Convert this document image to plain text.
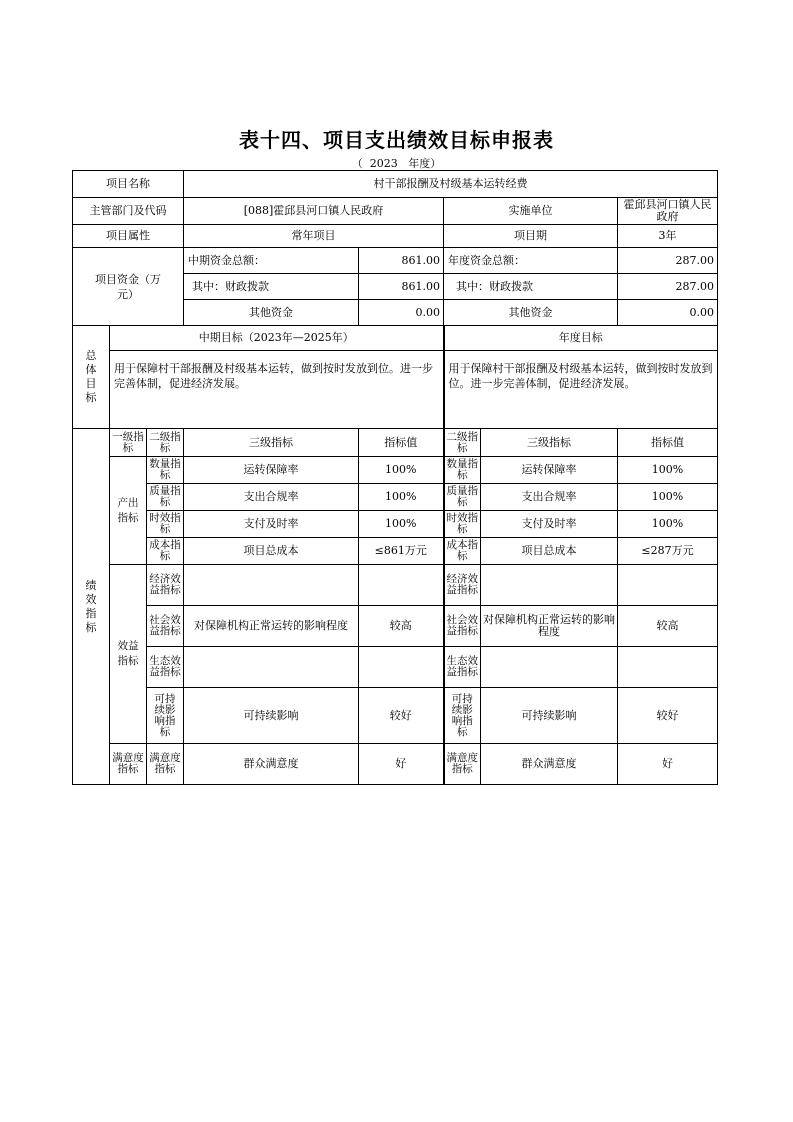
表十四、项目支出绩效目标申报表
（ 2023 年度）
项目名称			村干部报酬及村级基本运转经费				
主管部门及代码			[088]霍邱县河口镇人民政府		实施单位		霍邱县河口镇人民政府
项目属性			常年项目		项目期		3年
项目资金（万元）			中期资金总额：	861.00	年度资金总额：		287.00
			其中：财政拨款	861.00	其中：财政拨款		287.00
			其他资金	0.00	其他资金		0.00
总体目标	中期目标（2023年—2025年）				年度目标		
	用于保障村干部报酬及村级基本运转，做到按时发放到位。进一步完善体制，促进经济发展。				用于保障村干部报酬及村级基本运转，做到按时发放到位。进一步完善体制，促进经济发展。		
绩效指标	一级指标	二级指标	三级指标	指标值	二级指标	三级指标	指标值
	产出指标	数量指标	运转保障率	100%	数量指标	运转保障率	100%
		质量指标	支出合规率	100%	质量指标	支出合规率	100%
		时效指标	支付及时率	100%	时效指标	支付及时率	100%
		成本指标	项目总成本	≤861万元	成本指标	项目总成本	≤287万元
	效益指标	经济效益指标			经济效益指标		
		社会效益指标	对保障机构正常运转的影响程度	较高	社会效益指标	对保障机构正常运转的影响程度	较高
		生态效益指标			生态效益指标		
		可持续影响指标	可持续影响	较好	可持续影响指标	可持续影响	较好
	满意度指标	满意度指标	群众满意度	好	满意度指标	群众满意度	好
